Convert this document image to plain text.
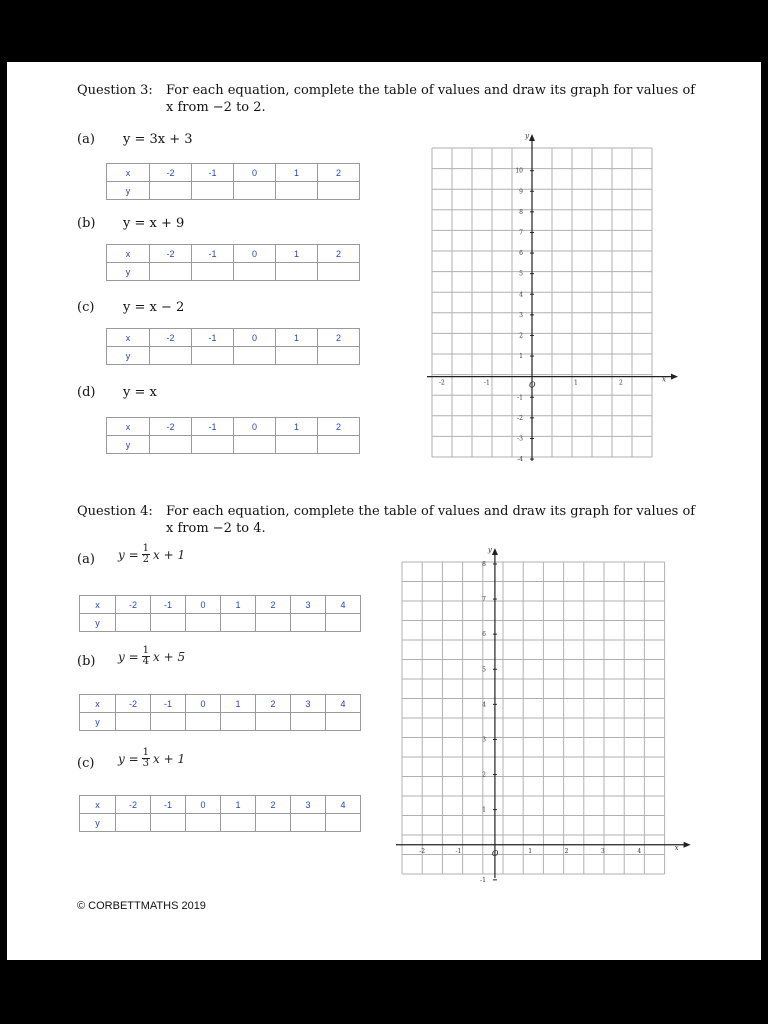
Question 3: For each equation, complete the table of values and draw its graph for values of x from −2 to 2.
(a) y = 3x + 3
x	-2	-1	0	1	2
y					
(b) y = x + 9
x	-2	-1	0	1	2
y					
(c) y = x − 2
x	-2	-1	0	1	2
y					
(d) y = x
x	-2	-1	0	1	2
y					
x
y
O
-2	-1	1	2
1
2
3
4
5
6
7
8
9
10
-1
-2
-3
-4
Question 4: For each equation, complete the table of values and draw its graph for values of x from −2 to 4.
(a) $y = \frac{1}{2}$ x + 1
x	-2	-1	0	1	2	3	4
y							
(b) $y = \frac{1}{4}$ x + 5
x	-2	-1	0	1	2	3	4
y							
(c) $y = \frac{1}{3}$ x + 1
x	-2	-1	0	1	2	3	4
y							
x
y
O
-2	-1	1	2	3	4
1
2
3
4
5
6
7
8
-1
© CORBETTMATHS 2019
